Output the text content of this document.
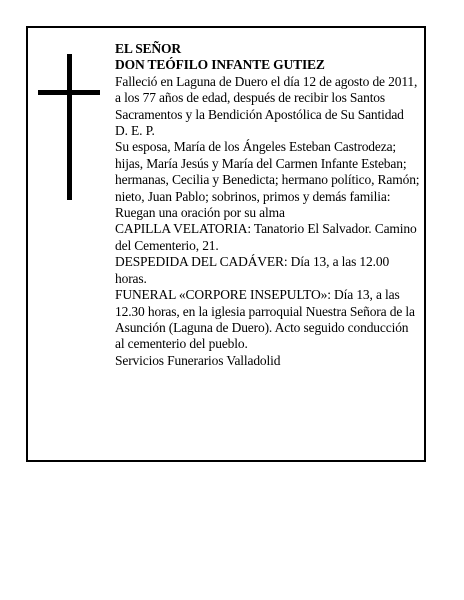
EL SEÑOR

DON TEÓFILO INFANTE GUTIEZ

Falleció en Laguna de Duero el día 12 de agosto de 2011, a los 77 años de edad, después de recibir los Santos Sacramentos y la Bendición Apostólica de Su Santidad

D. E. P.

Su esposa, María de los Ángeles Esteban Castrodeza; hijas, María Jesús y María del Carmen Infante Esteban; hermanas, Cecilia y Benedicta; hermano político, Ramón; nieto, Juan Pablo; sobrinos, primos y demás familia:

Ruegan una oración por su alma

CAPILLA VELATORIA: Tanatorio El Salvador. Camino del Cementerio, 21.

DESPEDIDA DEL CADÁVER: Día 13, a las 12.00 horas.

FUNERAL «CORPORE INSEPULTO»: Día 13, a las 12.30 horas, en la iglesia parroquial Nuestra Señora de la Asunción (Laguna de Duero). Acto seguido conducción al cementerio del pueblo.

Servicios Funerarios Valladolid
